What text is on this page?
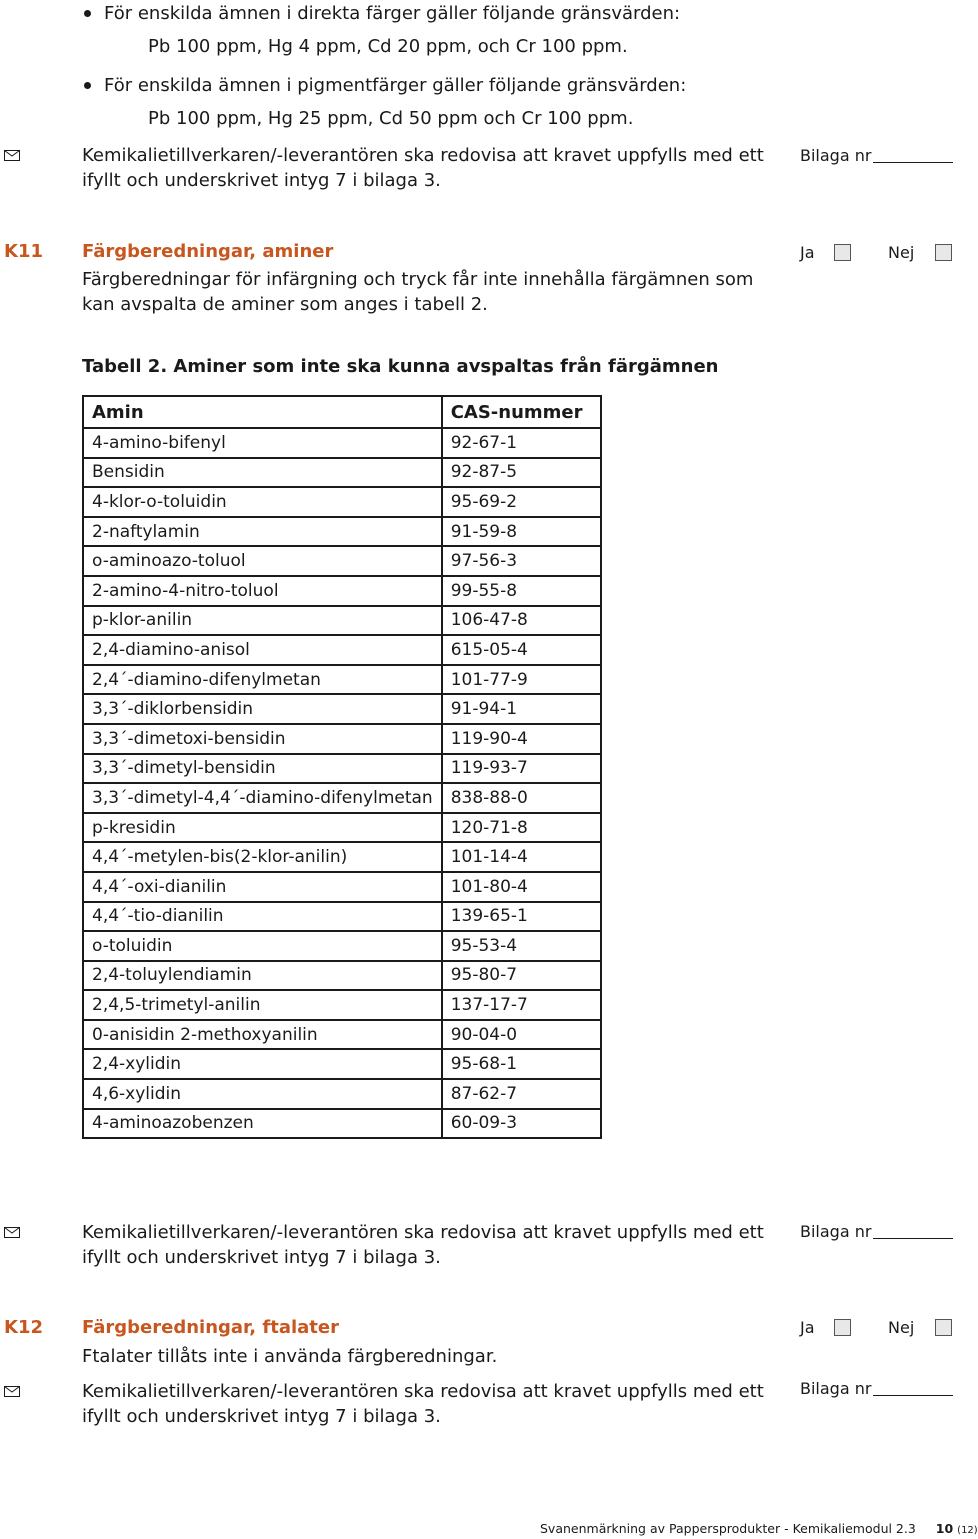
För enskilda ämnen i direkta färger gäller följande gränsvärden:
Pb 100 ppm, Hg 4 ppm, Cd 20 ppm, och Cr 100 ppm.
För enskilda ämnen i pigmentfärger gäller följande gränsvärden:
Pb 100 ppm, Hg 25 ppm, Cd 50 ppm och Cr 100 ppm.
Kemikalietillverkaren/-leverantören ska redovisa att kravet uppfylls med ett
ifyllt och underskrivet intyg 7 i bilaga 3.
Bilaga nr
K11 Färgberedningar, aminer	Ja	Nej
Färgberedningar för infärgning och tryck får inte innehålla färgämnen som
kan avspalta de aminer som anges i tabell 2.
Tabell 2. Aminer som inte ska kunna avspaltas från färgämnen
Amin	CAS-nummer
4-amino-bifenyl	92-67-1
Bensidin	92-87-5
4-klor-o-toluidin	95-69-2
2-naftylamin	91-59-8
o-aminoazo-toluol	97-56-3
2-amino-4-nitro-toluol	99-55-8
p-klor-anilin	106-47-8
2,4-diamino-anisol	615-05-4
2,4´-diamino-difenylmetan	101-77-9
3,3´-diklorbensidin	91-94-1
3,3´-dimetoxi-bensidin	119-90-4
3,3´-dimetyl-bensidin	119-93-7
3,3´-dimetyl-4,4´-diamino-difenylmetan	838-88-0
p-kresidin	120-71-8
4,4´-metylen-bis(2-klor-anilin)	101-14-4
4,4´-oxi-dianilin	101-80-4
4,4´-tio-dianilin	139-65-1
o-toluidin	95-53-4
2,4-toluylendiamin	95-80-7
2,4,5-trimetyl-anilin	137-17-7
0-anisidin 2-methoxyanilin	90-04-0
2,4-xylidin	95-68-1
4,6-xylidin	87-62-7
4-aminoazobenzen	60-09-3
Kemikalietillverkaren/-leverantören ska redovisa att kravet uppfylls med ett
ifyllt och underskrivet intyg 7 i bilaga 3.
Bilaga nr
K12 Färgberedningar, ftalater	Ja	Nej
Ftalater tillåts inte i använda färgberedningar.
Kemikalietillverkaren/-leverantören ska redovisa att kravet uppfylls med ett
ifyllt och underskrivet intyg 7 i bilaga 3.
Bilaga nr
Svanenmärkning av Pappersprodukter - Kemikaliemodul 2.3 10 (12)
